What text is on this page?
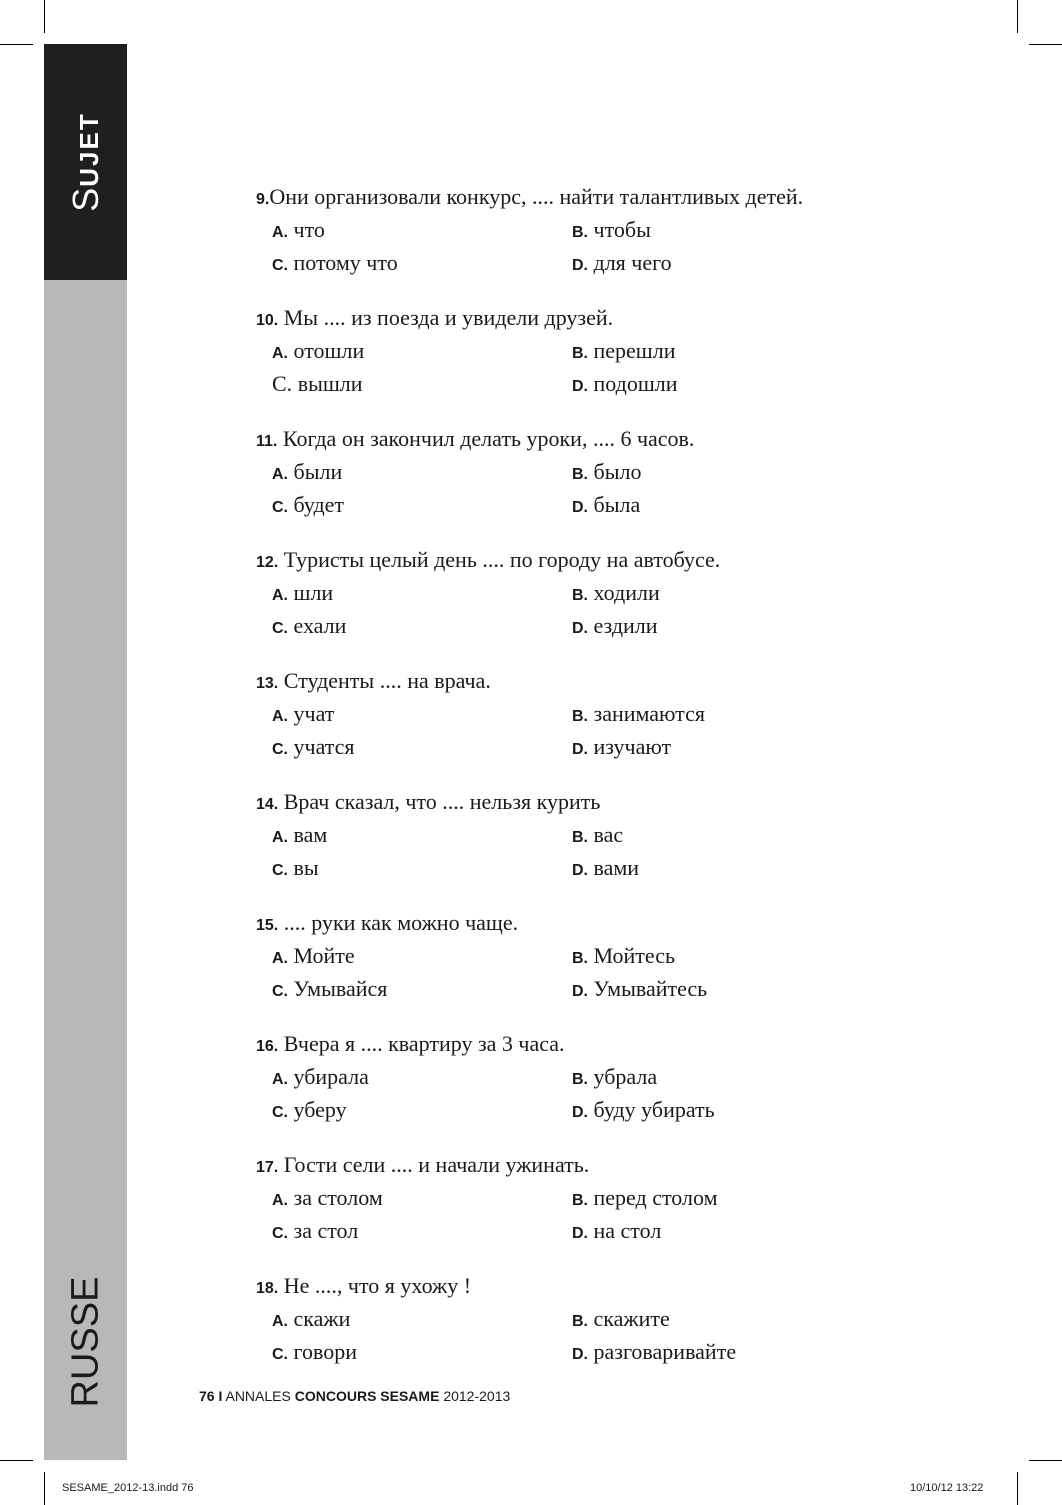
SUJET
RUSSE
9.Они организовали конкурс, .... найти талантливых детей.
A. что	B. чтобы
C. потому что	D. для чего
10. Мы .... из поезда и увидели друзей.
A. отошли	B. перешли
С. вышли	D. подошли
11. Когда он закончил делать уроки, .... 6 часов.
A. были	B. было
C. будет	D. была
12. Туристы целый день .... по городу на автобусе.
A. шли	B. ходили
C. ехали	D. ездили
13. Студенты .... на врача.
A. учат	B. занимаются
C. учатся	D. изучают
14. Врач сказал, что .... нельзя курить
A. вам	B. вас
C. вы	D. вами
15. .... руки как можно чаще.
A. Мойте	B. Мойтесь
C. Умывайся	D. Умывайтесь
16. Вчера я .... квартиру за 3 часа.
A. убирала	B. убрала
C. уберу	D. буду убирать
17. Гости сели .... и начали ужинать.
A. за столом	B. перед столом
C. за стол	D. на стол
18. Не ...., что я ухожу !
A. скажи	B. скажите
C. говори	D. разговаривайте
76 I ANNALES CONCOURS SESAME 2012-2013
SESAME_2012-13.indd 76	10/10/12 13:22
